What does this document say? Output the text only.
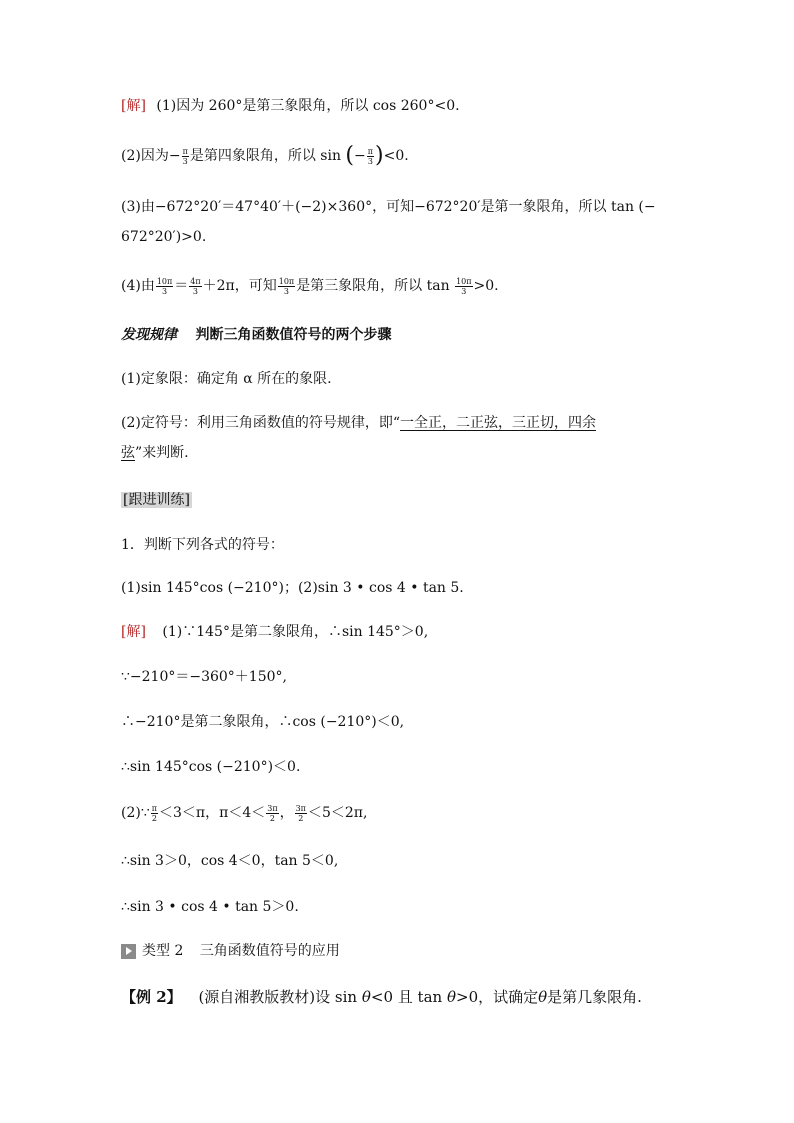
[解] (1)因为 260°是第三象限角，所以 cos 260°<0.
(2)因为− $\frac{\pi}{3}$ 是第四象限角，所以 sin (− $\frac{\pi}{3} )<0$.
(3)由−672°20′＝47°40′＋(−2)×360°，可知−672°20′是第一象限角，所以 tan (−
672°20′)>0.
(4)由 $\frac{10\pi}{3} = \frac{4\pi}{3} +2\pi$，可知 $\frac{10\pi}{3}$ 是第三象限角，所以 $\tan \frac{10\pi}{3} >0$.
发现规律 判断三角函数值符号的两个步骤
(1)定象限：确定角 α 所在的象限.
(2)定符号：利用三角函数值的符号规律，即“一全正，二正弦，三正切，四余
弦”来判断.
[跟进训练]
1．判断下列各式的符号：
(1)sin 145°cos (−210°)；(2)sin 3 • cos 4 • tan 5.
[解] (1)∵145°是第二象限角，∴sin 145°＞0,
∵−210°＝−360°＋150°,
∴−210°是第二象限角，∴cos (−210°)＜0,
∴sin 145°cos (−210°)＜0.
(2)∵ $\frac{\pi}{2} <3<\pi$，$\pi<4< \frac{3\pi}{2}$ ， $\frac{3\pi}{2} <5<2\pi$,
∴sin 3＞0，cos 4＜0，tan 5＜0,
∴sin 3 • cos 4 • tan 5＞0.
类型 2 三角函数值符号的应用
【例 2】 (源自湘教版教材)设 sin θ<0 且 tan θ>0，试确定θ是第几象限角.
